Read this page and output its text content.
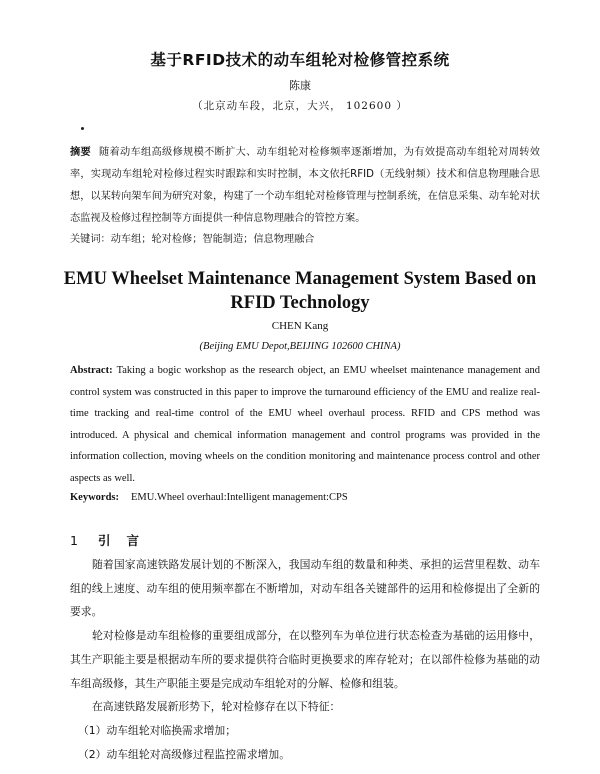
基于RFID技术的动车组轮对检修管控系统
陈康
（北京动车段，北京，大兴， 102600 ）
摘要 随着动车组高级修规模不断扩大、动车组轮对检修频率逐渐增加，为有效提高动车组轮对周转效率，实现动车组轮对检修过程实时跟踪和实时控制，本文依托RFID（无线射频）技术和信息物理融合思想，以某转向架车间为研究对象，构建了一个动车组轮对检修管理与控制系统，在信息采集、动车轮对状态监视及检修过程控制等方面提供一种信息物理融合的管控方案。
关键词：动车组；轮对检修；智能制造；信息物理融合
EMU Wheelset Maintenance Management System Based on RFID Technology
CHEN Kang
(Beijing EMU Depot,BEIJING 102600 CHINA)
Abstract: Taking a bogic workshop as the research object, an EMU wheelset maintenance management and control system was constructed in this paper to improve the turnaround efficiency of the EMU and realize real-time tracking and real-time control of the EMU wheel overhaul process. RFID and CPS method was introduced. A physical and chemical information management and control programs was provided in the information collection, moving wheels on the condition monitoring and maintenance process control and other aspects as well.
Keywords: EMU.Wheel overhaul:Intelligent management:CPS
1 引言

随着国家高速铁路发展计划的不断深入，我国动车组的数量和种类、承担的运营里程数、动车组的线上速度、动车组的使用频率都在不断增加，对动车组各关键部件的运用和检修提出了全新的要求。

轮对检修是动车组检修的重要组成部分，在以整列车为单位进行状态检查为基础的运用修中，其生产职能主要是根据动车所的要求提供符合临时更换要求的库存轮对；在以部件检修为基础的动车组高级修，其生产职能主要是完成动车组轮对的分解、检修和组装。

在高速铁路发展新形势下，轮对检修存在以下特征：

（1）动车组轮对临换需求增加；

（2）动车组轮对高级修过程监控需求增加。
